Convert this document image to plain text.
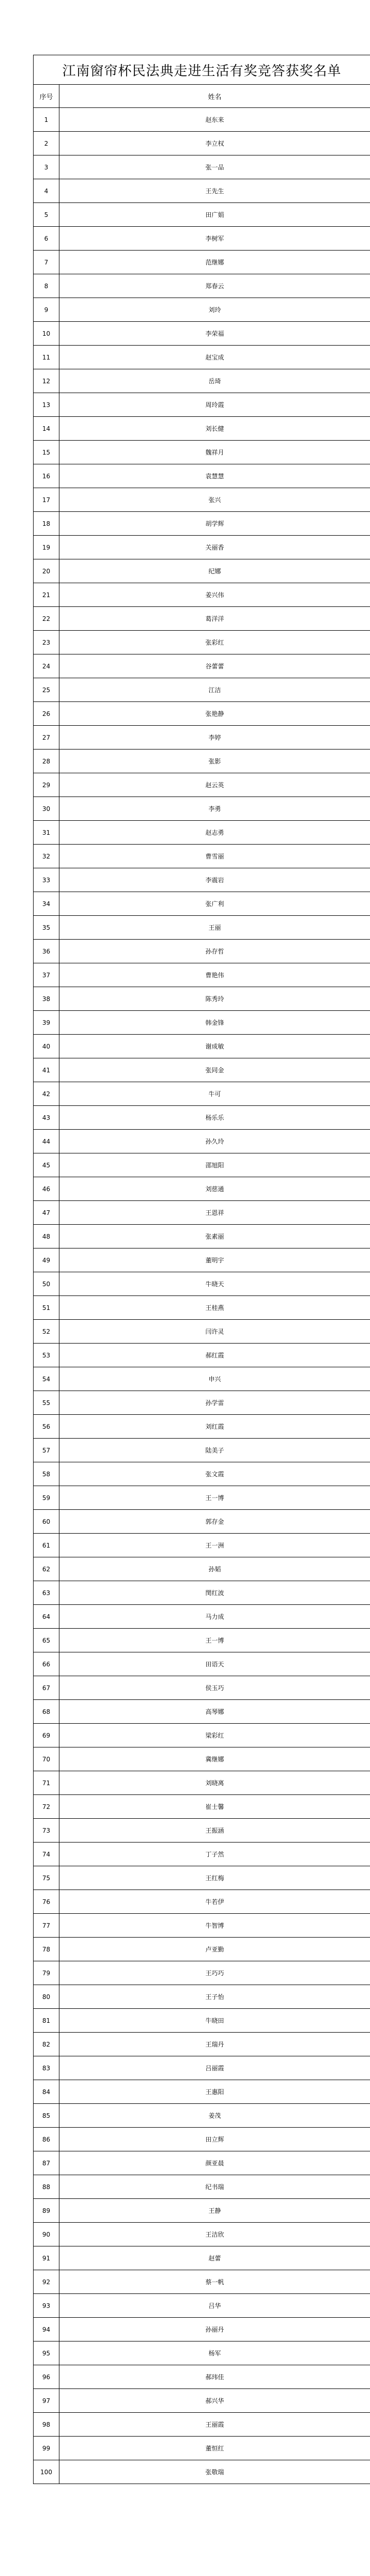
江南窗帘杯民法典走进生活有奖竞答获奖名单	
序号	姓名
1	赵东来
2	李立权
3	张一品
4	王先生
5	田广娟
6	李树军
7	范继娜
8	郑春云
9	刘玲
10	李荣福
11	赵宝成
12	岳琦
13	周玲霞
14	刘长健
15	魏祥月
16	袁慧慧
17	张兴
18	胡学辉
19	关丽香
20	纪娜
21	姜兴伟
22	葛洋洋
23	张彩红
24	谷蕾蕾
25	江洁
26	张艳静
27	李婷
28	张影
29	赵云英
30	李勇
31	赵志勇
32	曹雪丽
33	李震岩
34	张广利
35	王丽
36	孙存哲
37	曹艳伟
38	陈秀玲
39	韩金锋
40	谢成敏
41	张同金
42	牛可
43	杨乐乐
44	孙久玲
45	邵旭阳
46	刘慈通
47	王恩祥
48	张素丽
49	董明宇
50	牛晓天
51	王桂燕
52	闫许灵
53	郝红霞
54	申兴
55	孙学雷
56	刘红霞
57	陆美子
58	张文霞
59	王一博
60	郭存金
61	王一洲
62	孙韬
63	閔红波
64	马力成
65	王一博
66	田语天
67	侯玉巧
68	高琴娜
69	梁彩红
70	冀继娜
71	刘晓离
72	崔士馨
73	王振涵
74	丁子然
75	王红梅
76	牛若伊
77	牛智博
78	卢亚勤
79	王巧巧
80	王子怡
81	牛晓田
82	王瑞丹
83	吕丽霞
84	王惠阳
85	姜茂
86	田立辉
87	颜亚晨
88	纪书瑞
89	王静
90	王洁欣
91	赵蕾
92	蔡一帆
93	吕华
94	孙丽丹
95	杨军
96	郝玮佳
97	郝兴华
98	王丽霞
99	董恒红
100	张敬瑞
